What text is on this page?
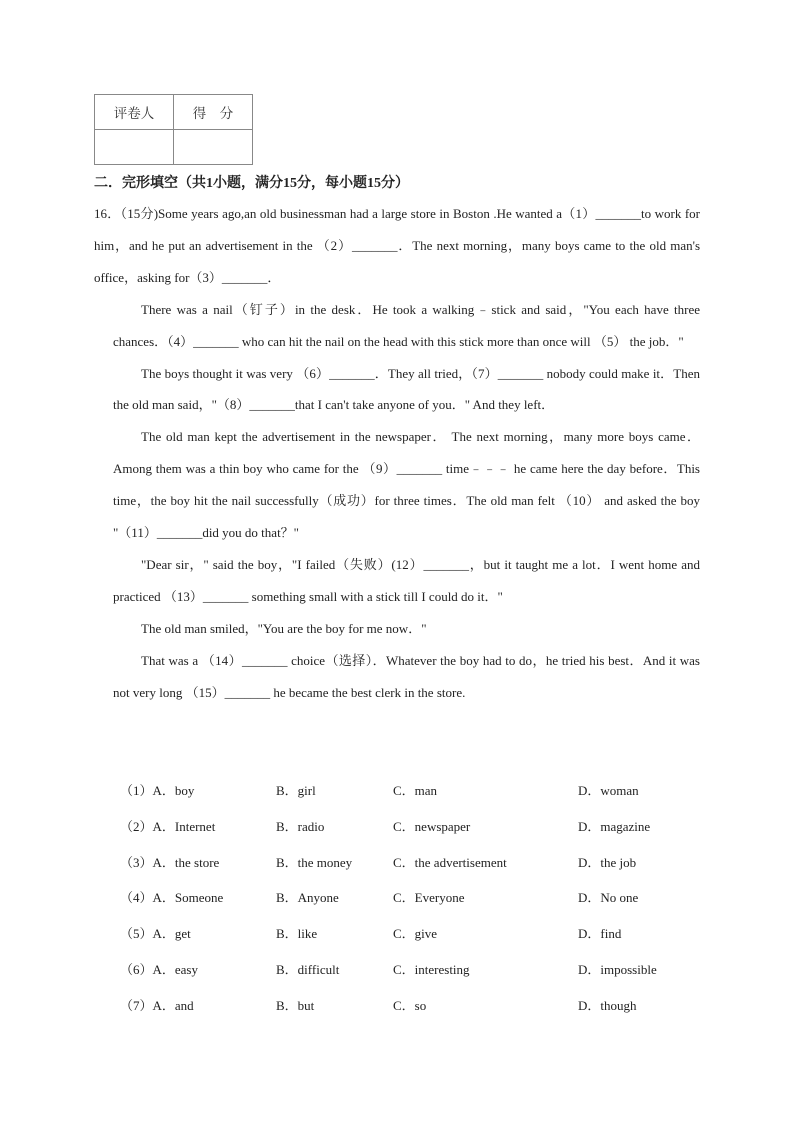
评卷人	得　分

二．完形填空（共1小题，满分15分，每小题15分）

16．（15分)Some years ago,an old businessman had a large store in Boston .He wanted a（1）_______to work for him，and he put an advertisement in the （2）_______．The next morning，many boys came to the old man's office，asking for（3）_______．

There was a nail（钉子）in the desk．He took a walking﹣stick and said，"You each have three chances．（4）_______ who can hit the nail on the head with this stick more than once will （5） the job．"

The boys thought it was very （6）_______．They all tried，（7）_______ nobody could make it．Then the old man said，"（8）_______that I can't take anyone of you．" And they left．

The old man kept the advertisement in the newspaper． The next morning，many more boys came．Among them was a thin boy who came for the （9）_______ time﹣﹣﹣ he came here the day before．This time，the boy hit the nail successfully（成功）for three times．The old man felt （10） and asked the boy "（11）_______did you do that？"

"Dear sir，" said the boy，"I failed（失败）(12）_______，but it taught me a lot．I went home and practiced （13）_______ something small with a stick till I could do it．"

The old man smiled，"You are the boy for me now．"

That was a （14）_______ choice（选择）．Whatever the boy had to do，he tried his best．And it was not very long （15）_______ he became the best clerk in the store.

（1）A．boy	B．girl	C．man	D．woman
（2）A．Internet	B．radio	C．newspaper	D．magazine
（3）A．the store	B．the money	C．the advertisement	D．the job
（4）A．Someone	B．Anyone	C．Everyone	D．No one
（5）A．get	B．like	C．give	D．find
（6）A．easy	B．difficult	C．interesting	D．impossible
（7）A．and	B．but	C．so	D．though
